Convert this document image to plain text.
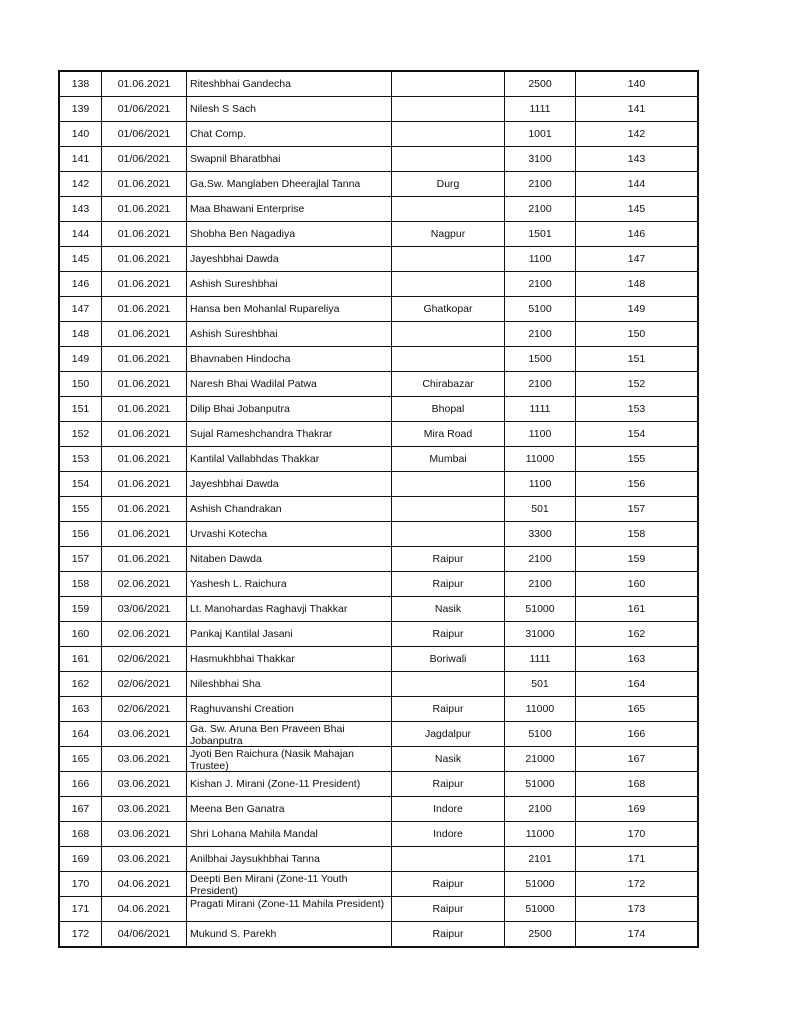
138	01.06.2021	Riteshbhai Gandecha		2500	140
139	01/06/2021	Nilesh S Sach		1111	141
140	01/06/2021	Chat Comp.		1001	142
141	01/06/2021	Swapnil Bharatbhai		3100	143
142	01.06.2021	Ga.Sw. Manglaben Dheerajlal Tanna	Durg	2100	144
143	01.06.2021	Maa Bhawani Enterprise		2100	145
144	01.06.2021	Shobha Ben Nagadiya	Nagpur	1501	146
145	01.06.2021	Jayeshbhai Dawda		1100	147
146	01.06.2021	Ashish Sureshbhai		2100	148
147	01.06.2021	Hansa ben Mohanlal Rupareliya	Ghatkopar	5100	149
148	01.06.2021	Ashish Sureshbhai		2100	150
149	01.06.2021	Bhavnaben Hindocha		1500	151
150	01.06.2021	Naresh Bhai Wadilal Patwa	Chirabazar	2100	152
151	01.06.2021	Dilip Bhai Jobanputra	Bhopal	1111	153
152	01.06.2021	Sujal Rameshchandra Thakrar	Mira Road	1100	154
153	01.06.2021	Kantilal Vallabhdas Thakkar	Mumbai	11000	155
154	01.06.2021	Jayeshbhai Dawda		1100	156
155	01.06.2021	Ashish Chandrakan		501	157
156	01.06.2021	Urvashi Kotecha		3300	158
157	01.06.2021	Nitaben Dawda	Raipur	2100	159
158	02.06.2021	Yashesh L. Raichura	Raipur	2100	160
159	03/06/2021	Lt. Manohardas Raghavji Thakkar	Nasik	51000	161
160	02.06.2021	Pankaj Kantilal Jasani	Raipur	31000	162
161	02/06/2021	Hasmukhbhai Thakkar	Boriwali	1111	163
162	02/06/2021	Nileshbhai Sha		501	164
163	02/06/2021	Raghuvanshi Creation	Raipur	11000	165
164	03.06.2021	Ga. Sw. Aruna Ben Praveen Bhai Jobanputra	Jagdalpur	5100	166
165	03.06.2021	Jyoti Ben Raichura (Nasik Mahajan Trustee)	Nasik	21000	167
166	03.06.2021	Kishan J. Mirani (Zone-11 President)	Raipur	51000	168
167	03.06.2021	Meena Ben Ganatra	Indore	2100	169
168	03.06.2021	Shri Lohana Mahila Mandal	Indore	11000	170
169	03.06.2021	Anilbhai Jaysukhbhai Tanna		2101	171
170	04.06.2021	Deepti Ben Mirani (Zone-11 Youth President)	Raipur	51000	172
171	04.06.2021	Pragati Mirani (Zone-11 Mahila President)	Raipur	51000	173
172	04/06/2021	Mukund S. Parekh	Raipur	2500	174
